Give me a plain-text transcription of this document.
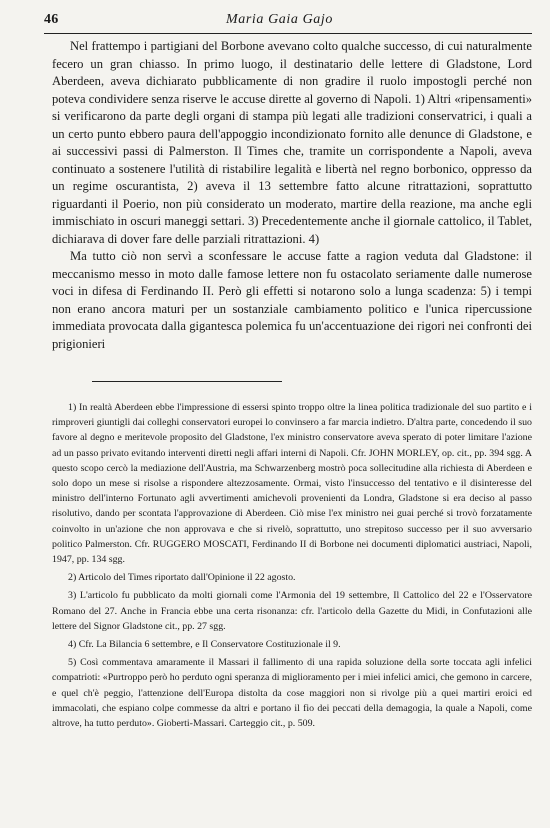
46	Maria Gaia Gajo

Nel frattempo i partigiani del Borbone avevano colto qualche successo, di cui naturalmente fecero un gran chiasso. In primo luogo, il destinatario delle lettere di Gladstone, Lord Aberdeen, aveva dichiarato pubblicamente di non gradire il ruolo impostogli perché non poteva condividere senza riserve le accuse dirette al governo di Napoli. 1) Altri «ripensamenti» si verificarono da parte degli organi di stampa più legati alle tradizioni conservatrici, i quali a un certo punto ebbero paura dell'appoggio incondizionato fornito alle denunce di Gladstone, e ai successivi passi di Palmerston. Il Times che, tramite un corrispondente a Napoli, aveva continuato a sostenere l'utilità di ristabilire legalità e libertà nel regno borbonico, oppresso da un regime oscurantista, 2) aveva il 13 settembre fatto alcune ritrattazioni, soprattutto riguardanti il Poerio, non più considerato un moderato, martire della reazione, ma anche egli immischiato in oscuri maneggi settari. 3) Precedentemente anche il giornale cattolico, il Tablet, dichiarava di dover fare delle parziali ritrattazioni. 4)

Ma tutto ciò non servì a sconfessare le accuse fatte a ragion veduta dal Gladstone: il meccanismo messo in moto dalle famose lettere non fu ostacolato seriamente dalle numerose voci in difesa di Ferdinando II. Però gli effetti si notarono solo a lunga scadenza: 5) i tempi non erano ancora maturi per un sostanziale cambiamento politico e l'unica ripercussione immediata provocata dalla gigantesca polemica fu un'accentuazione dei rigori nei confronti dei prigionieri

1) In realtà Aberdeen ebbe l'impressione di essersi spinto troppo oltre la linea politica tradizionale del suo partito e i rimproveri giuntigli dai colleghi conservatori europei lo convinsero a far marcia indietro. D'altra parte, concedendo il suo favore al degno e meritevole proposito del Gladstone, l'ex ministro conservatore aveva sperato di poter limitare l'azione ad un passo privato evitando interventi diretti negli affari interni di Napoli. Cfr. JOHN MORLEY, op. cit., pp. 394 sgg. A questo scopo cercò la mediazione dell'Austria, ma Schwarzenberg mostrò poca sollecitudine alla richiesta di Aberdeen e solo dopo un mese si risolse a rispondere altezzosamente. Ormai, visto l'insuccesso del tentativo e il disinteresse del ministro dell'interno Fortunato agli avvertimenti amichevoli provenienti da Londra, Gladstone si era deciso al passo risolutivo, dando per scontata l'approvazione di Aberdeen. Ciò mise l'ex ministro nei guai perché si trovò forzatamente coinvolto in un'azione che non approvava e che si rivelò, soprattutto, uno strepitoso successo per il suo avversario politico Palmerston. Cfr. RUGGERO MOSCATI, Ferdinando II di Borbone nei documenti diplomatici austriaci, Napoli, 1947, pp. 134 sgg.

2) Articolo del Times riportato dall'Opinione il 22 agosto.

3) L'articolo fu pubblicato da molti giornali come l'Armonia del 19 settembre, Il Cattolico del 22 e l'Osservatore Romano del 27. Anche in Francia ebbe una certa risonanza: cfr. l'articolo della Gazette du Midi, in Confutazioni alle lettere del Signor Gladstone cit., pp. 27 sgg.

4) Cfr. La Bilancia 6 settembre, e Il Conservatore Costituzionale il 9.

5) Così commentava amaramente il Massari il fallimento di una rapida soluzione della sorte toccata agli infelici compatrioti: «Purtroppo però ho perduto ogni speranza di miglioramento per i miei infelici amici, che gemono in carcere, e quel ch'è peggio, l'attenzione dell'Europa distolta da cose maggiori non si rivolge più a quei martiri eroici ed immacolati, che espiano colpe commesse da altri e portano il fio dei peccati della demagogia, la quale a Napoli, come altrove, ha tutto perduto». Gioberti-Massari. Carteggio cit., p. 509.
